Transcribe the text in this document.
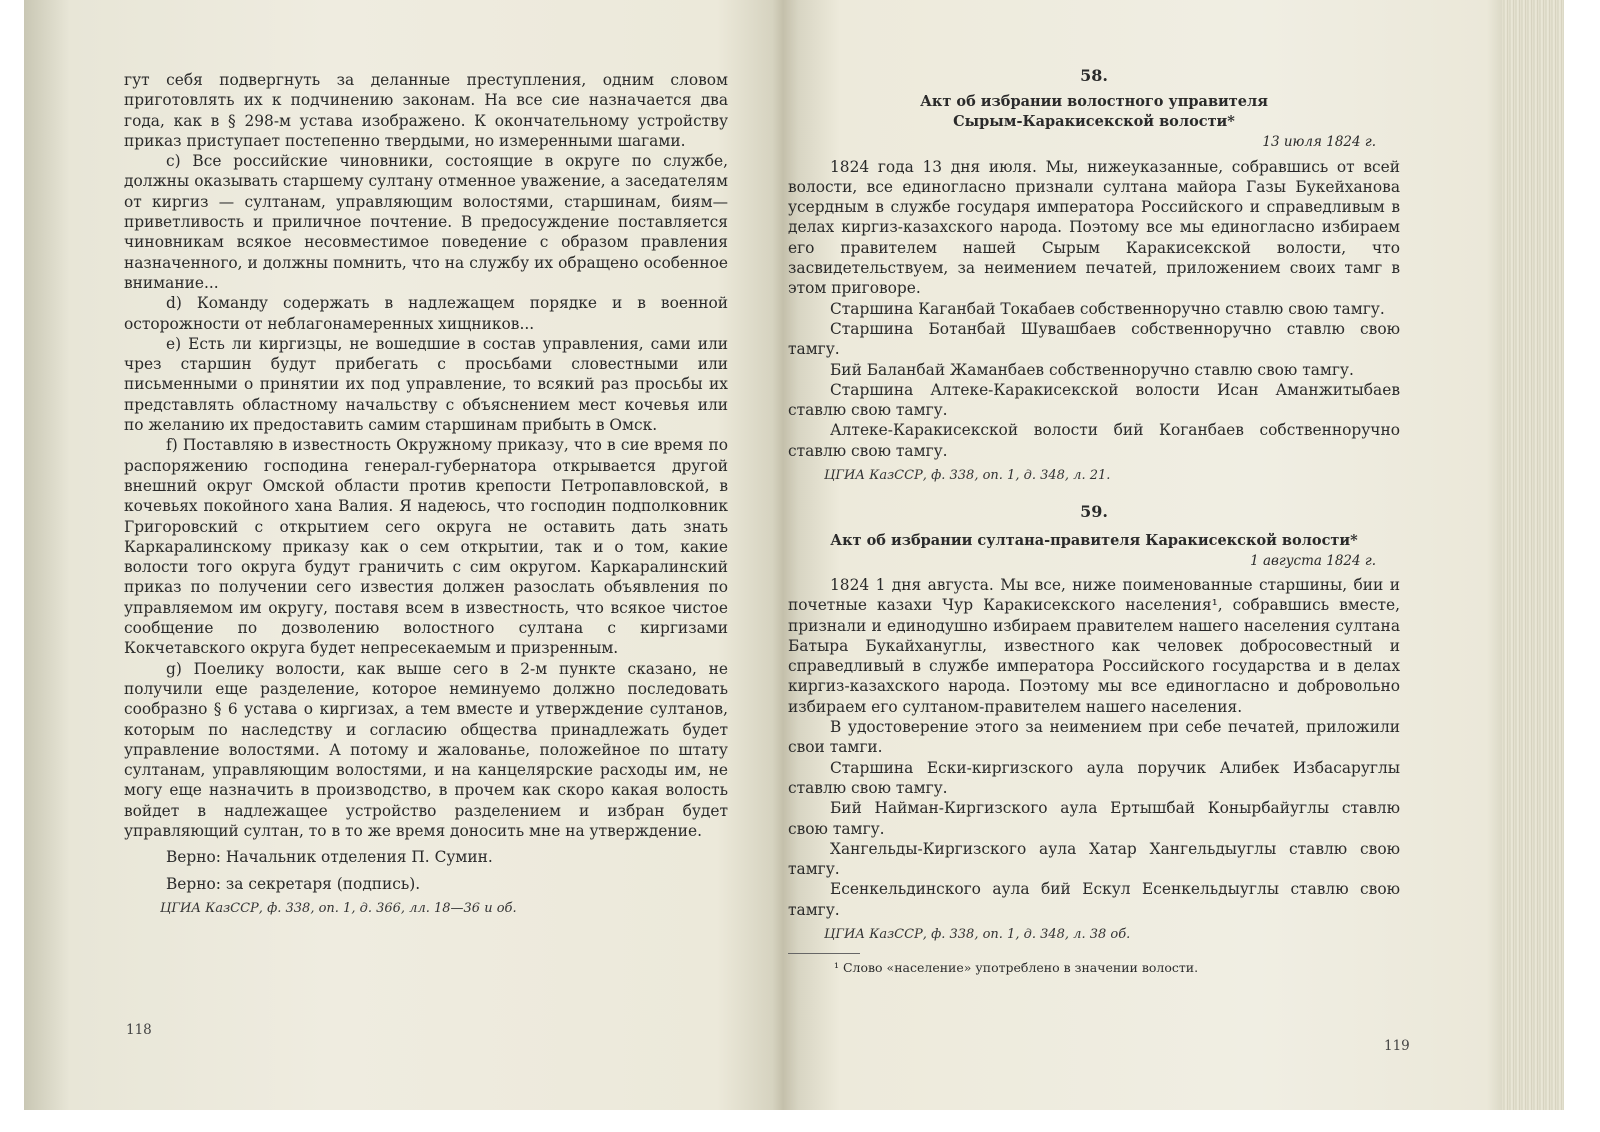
гут себя подвергнуть за деланные преступления, одним словом приготовлять их к подчинению законам. На все сие назначается два года, как в § 298-м устава изображено. К окончательному устройству приказ приступает постепенно твердыми, но измеренными шагами.

c) Все российские чиновники, состоящие в округе по службе, должны оказывать старшему султану отменное уважение, а заседателям от киргиз — султанам, управляющим волостями, старшинам, биям—приветливость и приличное почтение. В предосуждение поставляется чиновникам всякое несовместимое поведение с образом правления назначенного, и должны помнить, что на службу их обращено особенное внимание...

d) Команду содержать в надлежащем порядке и в военной осторожности от неблагонамеренных хищников...

e) Есть ли киргизцы, не вошедшие в состав управления, сами или чрез старшин будут прибегать с просьбами словестными или письменными о принятии их под управление, то всякий раз просьбы их представлять областному начальству с объяснением мест кочевья или по желанию их предоставить самим старшинам прибыть в Омск.

f) Поставляю в известность Окружному приказу, что в сие время по распоряжению господина генерал-губернатора открывается другой внешний округ Омской области против крепости Петропавловской, в кочевьях покойного хана Валия. Я надеюсь, что господин подполковник Григоровский с открытием сего округа не оставить дать знать Каркаралинскому приказу как о сем открытии, так и о том, какие волости того округа будут граничить с сим округом. Каркаралинский приказ по получении сего известия должен разослать объявления по управляемом им округу, поставя всем в известность, что всякое чистое сообщение по дозволению волостного султана с киргизами Кокчетавского округа будет непресекаемым и призренным.

g) Поелику волости, как выше сего в 2-м пункте сказано, не получили еще разделение, которое неминуемо должно последовать сообразно § 6 устава о киргизах, а тем вместе и утверждение султанов, которым по наследству и согласию общества принадлежать будет управление волостями. А потому и жалованье, положейное по штату султанам, управляющим волостями, и на канцелярские расходы им, не могу еще назначить в производство, в прочем как скоро какая волость войдет в надлежащее устройство разделением и избран будет управляющий султан, то в то же время доносить мне на утверждение.

Верно: Начальник отделения П. Сумин.

Верно: за секретаря (подпись).

ЦГИА КазССР, ф. 338, оп. 1, д. 366, лл. 18—36 и об.

118

58.

Акт об избрании волостного управителя

Сырым-Каракисекской волости*

13 июля 1824 г.

1824 года 13 дня июля. Мы, нижеуказанные, собравшись от всей волости, все единогласно признали султана майора Газы Букейханова усердным в службе государя императора Российского и справедливым в делах киргиз-казахского народа. Поэтому все мы единогласно избираем его правителем нашей Сырым Каракисекской волости, что засвидетельствуем, за неимением печатей, приложением своих тамг в этом приговоре.

Старшина Каганбай Токабаев собственноручно ставлю свою тамгу.

Старшина Ботанбай Шувашбаев собственноручно ставлю свою тамгу.

Бий Баланбай Жаманбаев собственноручно ставлю свою тамгу.

Старшина Алтеке-Каракисекской волости Исан Аманжитыбаев ставлю свою тамгу.

Алтеке-Каракисекской волости бий Коганбаев собственноручно ставлю свою тамгу.

ЦГИА КазССР, ф. 338, оп. 1, д. 348, л. 21.

59.

Акт об избрании султана-правителя Каракисекской волости*

1 августа 1824 г.

1824 1 дня августа. Мы все, ниже поименованные старшины, бии и почетные казахи Чур Каракисекского населения¹, собравшись вместе, признали и единодушно избираем правителем нашего населения султана Батыра Букайхануглы, известного как человек добросовестный и справедливый в службе императора Российского государства и в делах киргиз-казахского народа. Поэтому мы все единогласно и добровольно избираем его султаном-правителем нашего населения.

В удостоверение этого за неимением при себе печатей, приложили свои тамги.

Старшина Ески-киргизского аула поручик Алибек Избасаруглы ставлю свою тамгу.

Бий Найман-Киргизского аула Ертышбай Конырбайуглы ставлю свою тамгу.

Хангельды-Киргизского аула Хатар Хангельдыуглы ставлю свою тамгу.

Есенкельдинского аула бий Ескул Есенкельдыуглы ставлю свою тамгу.

ЦГИА КазССР, ф. 338, оп. 1, д. 348, л. 38 об.

¹ Слово «население» употреблено в значении волости.

119
